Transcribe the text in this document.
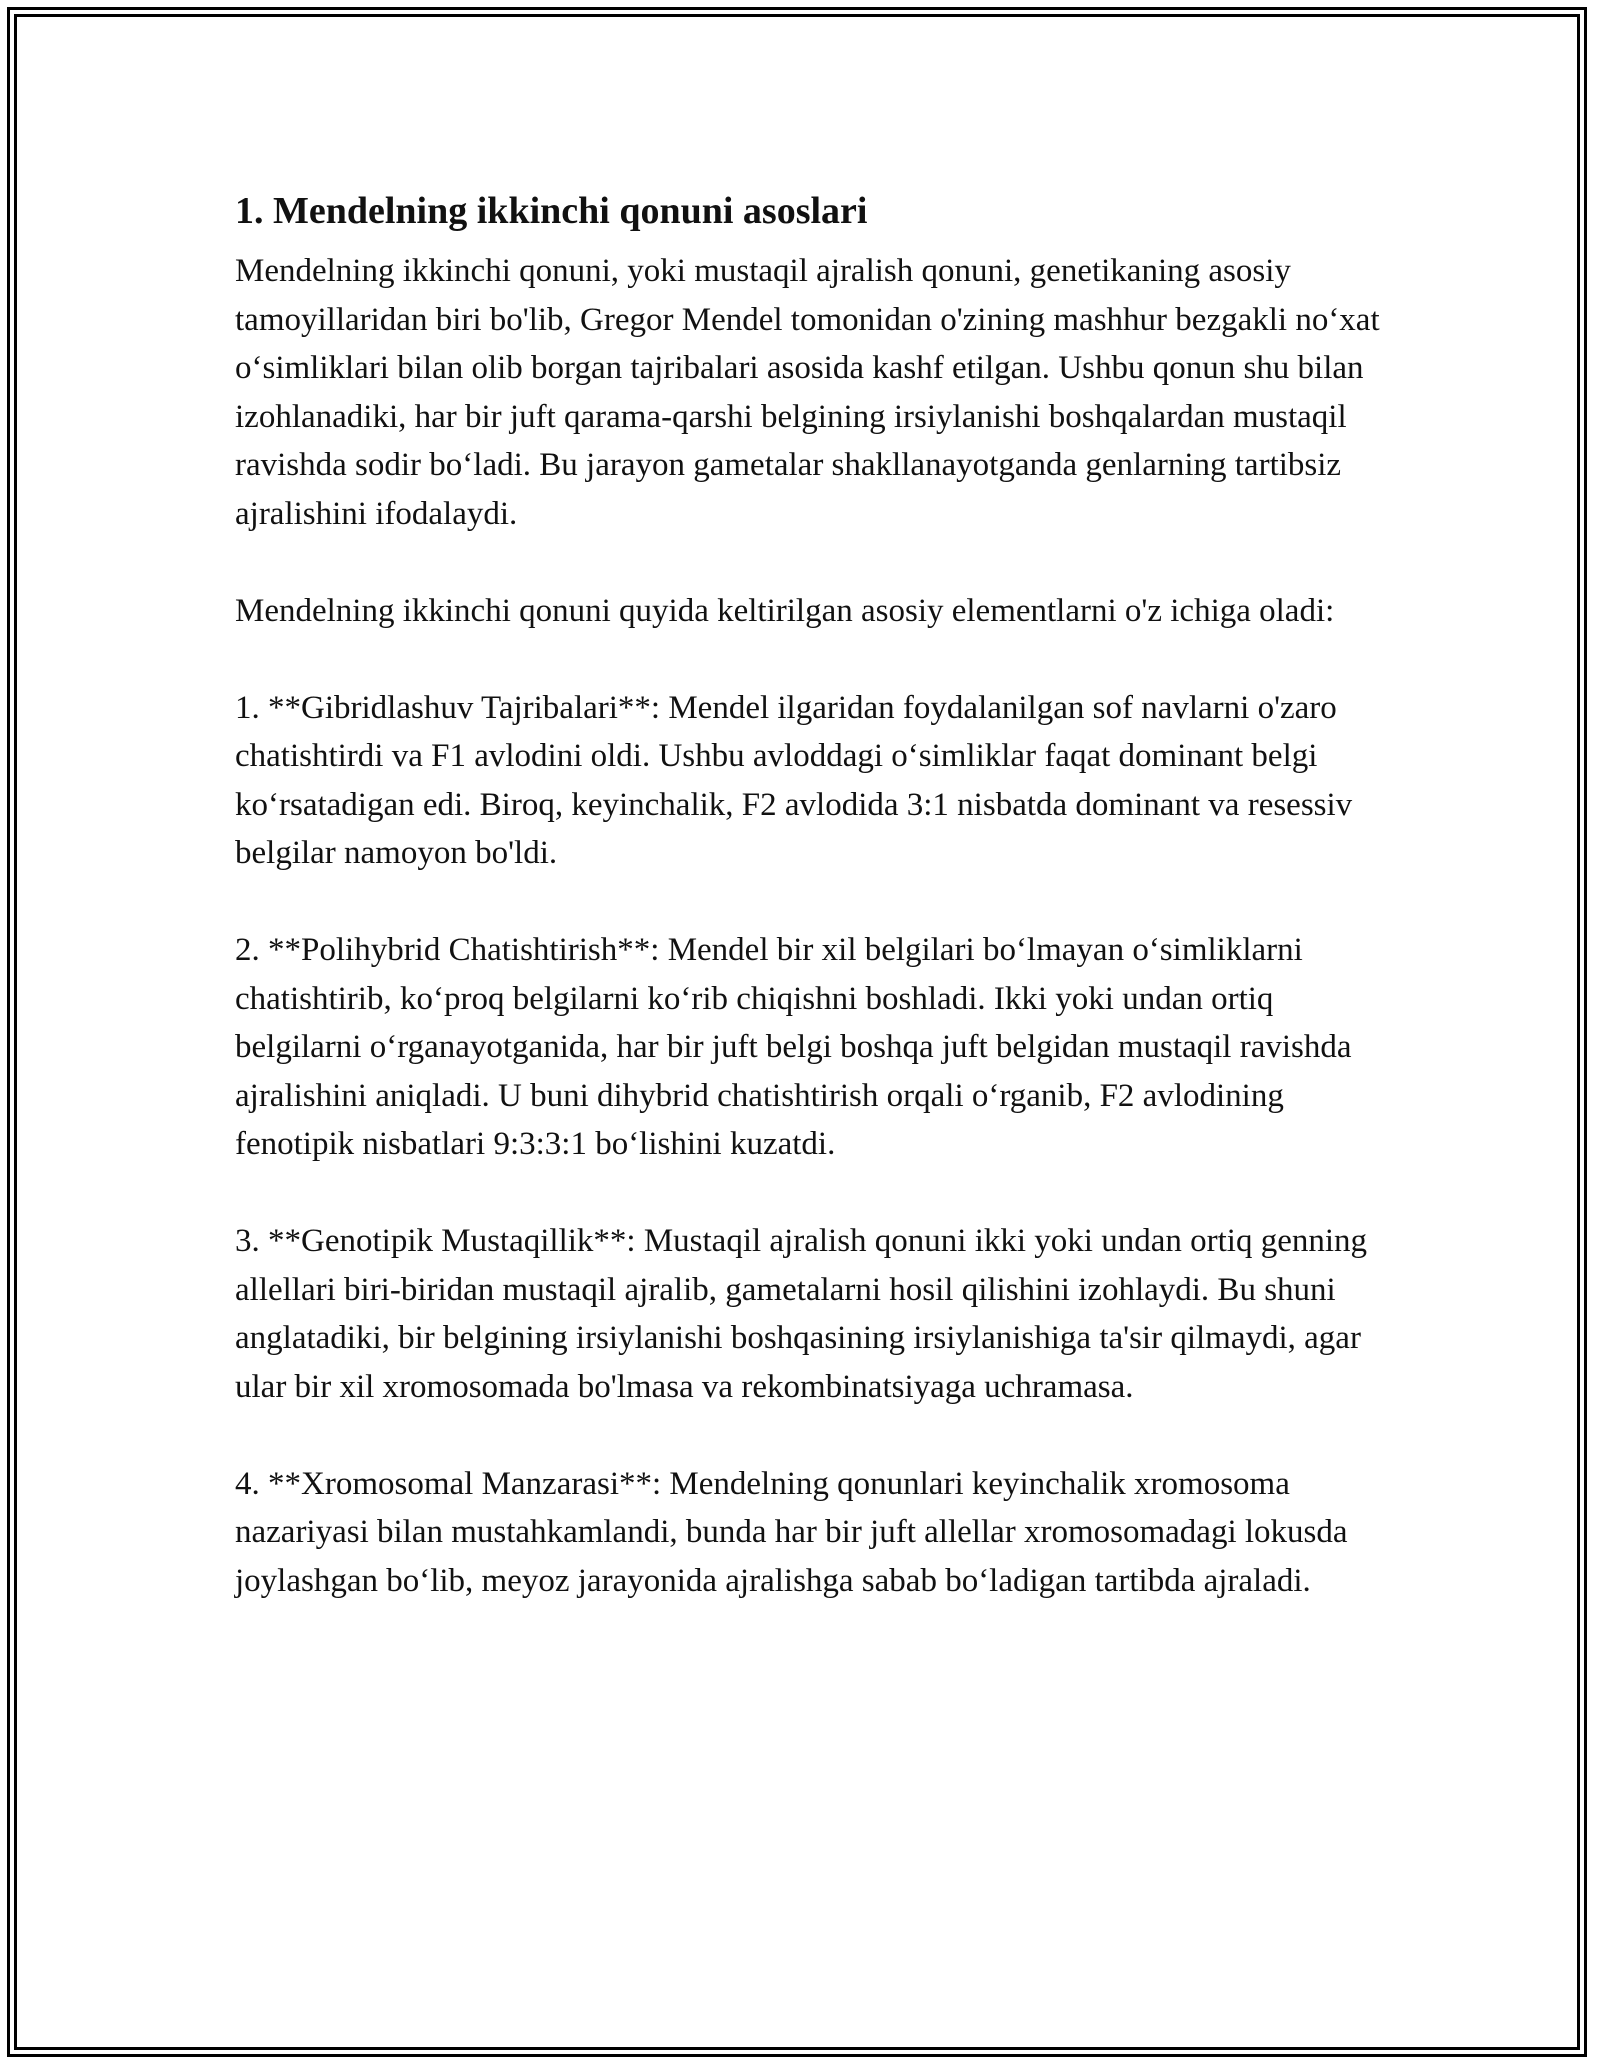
1. Mendelning ikkinchi qonuni asoslari

Mendelning ikkinchi qonuni, yoki mustaqil ajralish qonuni, genetikaning asosiy tamoyillaridan biri bo'lib, Gregor Mendel tomonidan o'zining mashhur bezgakli no‘xat o‘simliklari bilan olib borgan tajribalari asosida kashf etilgan. Ushbu qonun shu bilan izohlanadiki, har bir juft qarama-qarshi belgining irsiylanishi boshqalardan mustaqil ravishda sodir bo‘ladi. Bu jarayon gametalar shakllanayotganda genlarning tartibsiz ajralishini ifodalaydi.

Mendelning ikkinchi qonuni quyida keltirilgan asosiy elementlarni o'z ichiga oladi:

1. **Gibridlashuv Tajribalari**: Mendel ilgaridan foydalanilgan sof navlarni o'zaro chatishtirdi va F1 avlodini oldi. Ushbu avloddagi o‘simliklar faqat dominant belgi ko‘rsatadigan edi. Biroq, keyinchalik, F2 avlodida 3:1 nisbatda dominant va resessiv belgilar namoyon bo'ldi.

2. **Polihybrid Chatishtirish**: Mendel bir xil belgilari bo‘lmayan o‘simliklarni chatishtirib, ko‘proq belgilarni ko‘rib chiqishni boshladi. Ikki yoki undan ortiq belgilarni o‘rganayotganida, har bir juft belgi boshqa juft belgidan mustaqil ravishda ajralishini aniqladi. U buni dihybrid chatishtirish orqali o‘rganib, F2 avlodining fenotipik nisbatlari 9:3:3:1 bo‘lishini kuzatdi.

3. **Genotipik Mustaqillik**: Mustaqil ajralish qonuni ikki yoki undan ortiq genning allellari biri-biridan mustaqil ajralib, gametalarni hosil qilishini izohlaydi. Bu shuni anglatadiki, bir belgining irsiylanishi boshqasining irsiylanishiga ta'sir qilmaydi, agar ular bir xil xromosomada bo'lmasa va rekombinatsiyaga uchramasa.

4. **Xromosomal Manzarasi**: Mendelning qonunlari keyinchalik xromosoma nazariyasi bilan mustahkamlandi, bunda har bir juft allellar xromosomadagi lokusda joylashgan bo‘lib, meyoz jarayonida ajralishga sabab bo‘ladigan tartibda ajraladi.
